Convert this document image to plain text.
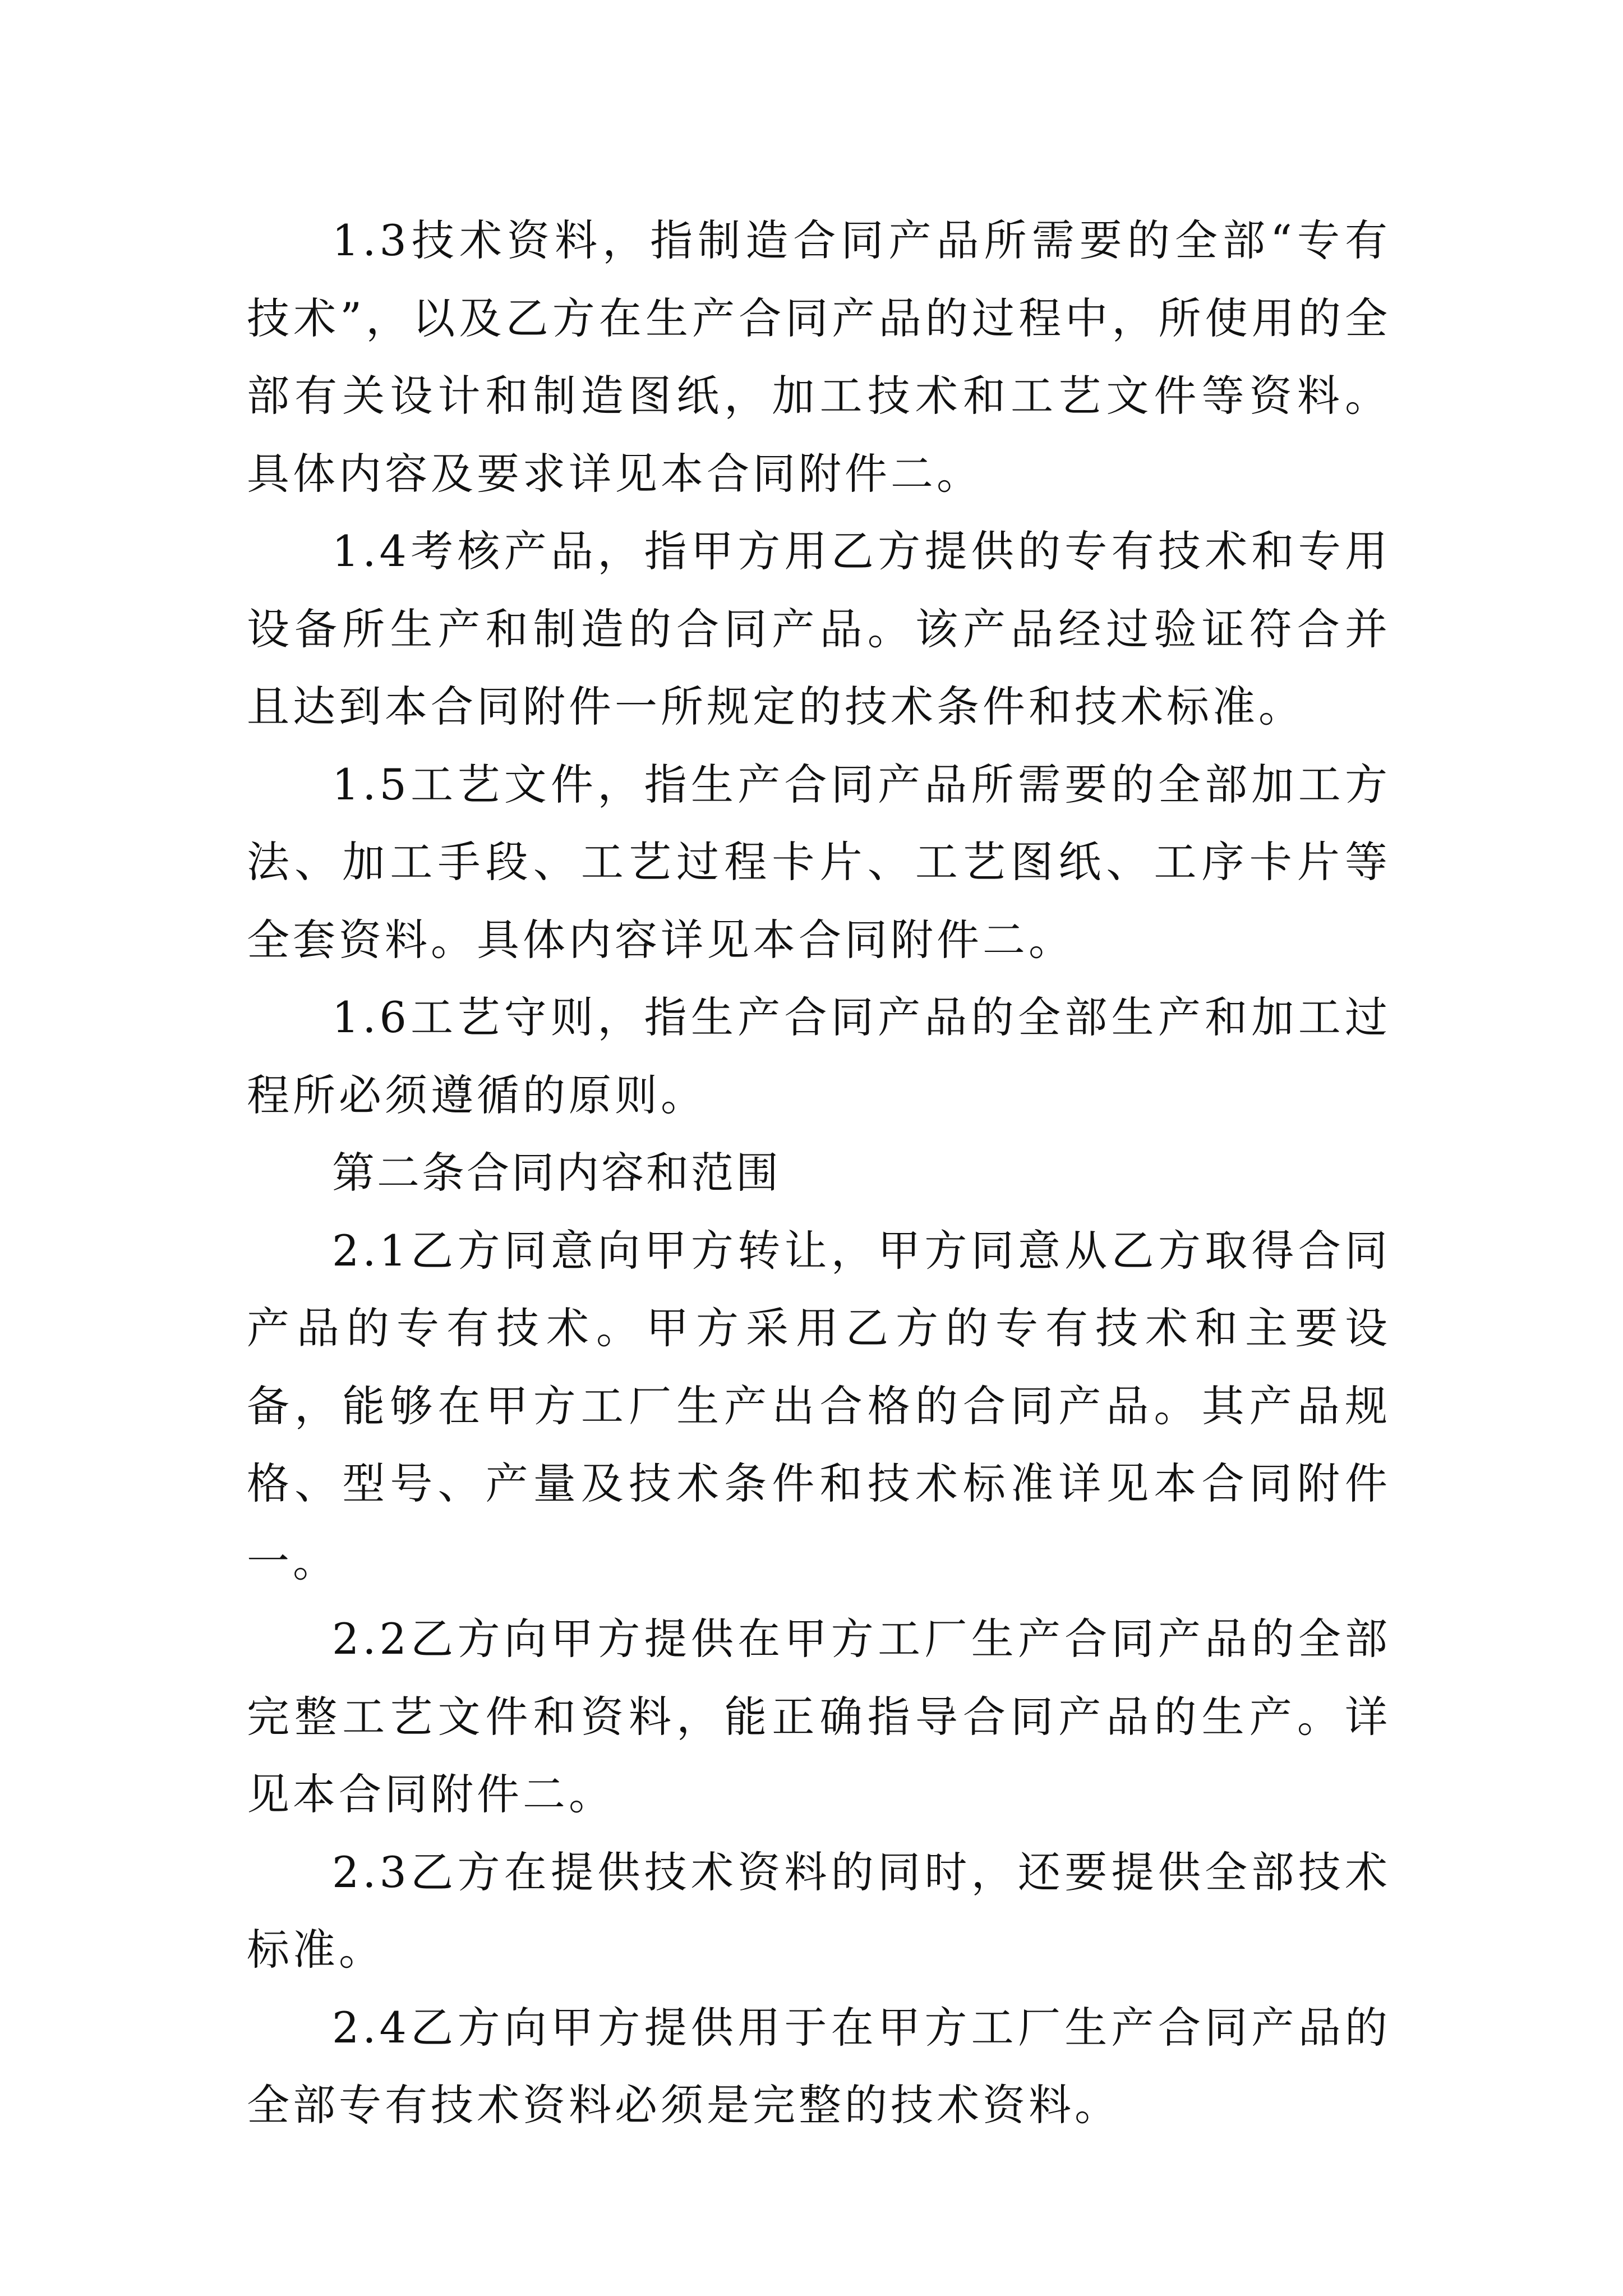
1.3技术资料，指制造合同产品所需要的全部“专有技术”，以及乙方在生产合同产品的过程中，所使用的全部有关设计和制造图纸，加工技术和工艺文件等资料。具体内容及要求详见本合同附件二。

1.4考核产品，指甲方用乙方提供的专有技术和专用设备所生产和制造的合同产品。该产品经过验证符合并且达到本合同附件一所规定的技术条件和技术标准。

1.5工艺文件，指生产合同产品所需要的全部加工方法、加工手段、工艺过程卡片、工艺图纸、工序卡片等全套资料。具体内容详见本合同附件二。

1.6工艺守则，指生产合同产品的全部生产和加工过程所必须遵循的原则。

第二条合同内容和范围

2.1乙方同意向甲方转让，甲方同意从乙方取得合同产品的专有技术。甲方采用乙方的专有技术和主要设备，能够在甲方工厂生产出合格的合同产品。其产品规格、型号、产量及技术条件和技术标准详见本合同附件一。

2.2乙方向甲方提供在甲方工厂生产合同产品的全部完整工艺文件和资料，能正确指导合同产品的生产。详见本合同附件二。

2.3乙方在提供技术资料的同时，还要提供全部技术标准。

2.4乙方向甲方提供用于在甲方工厂生产合同产品的全部专有技术资料必须是完整的技术资料。
